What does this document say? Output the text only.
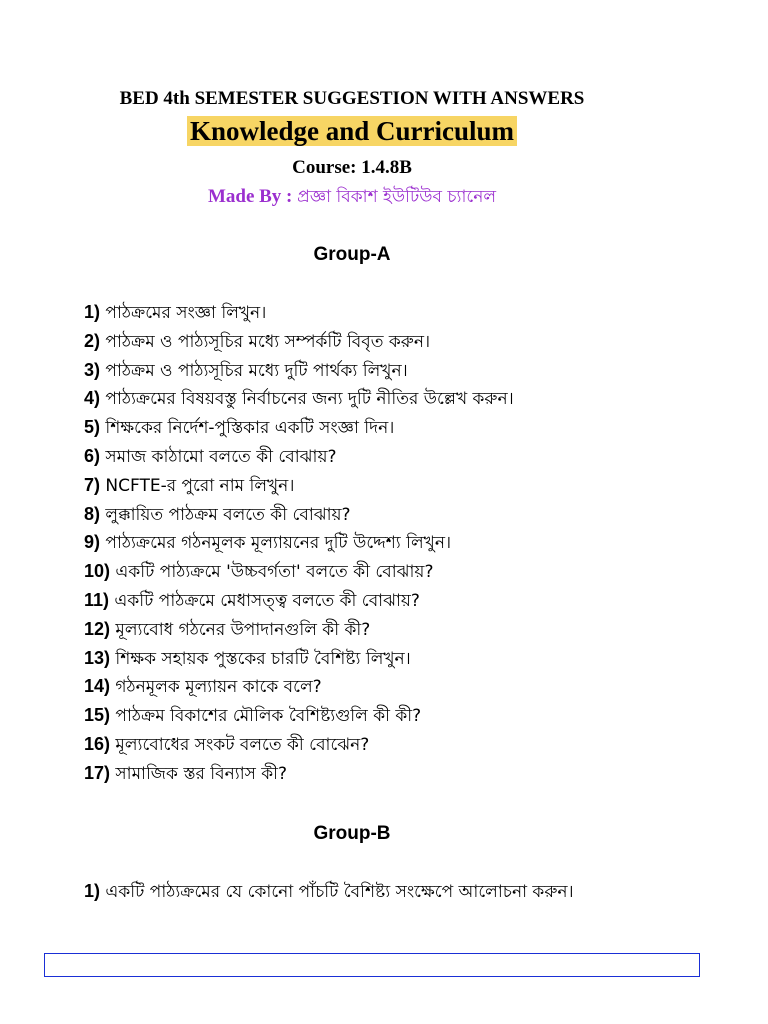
BED 4th SEMESTER SUGGESTION WITH ANSWERS
Knowledge and Curriculum
Course: 1.4.8B
Made By : প্রজ্ঞা বিকাশ ইউটিউব চ্যানেল
Group-A
1) পাঠক্রমের সংজ্ঞা লিখুন।
2) পাঠক্রম ও পাঠ্যসূচির মধ্যে সম্পর্কটি বিবৃত করুন।
3) পাঠক্রম ও পাঠ্যসূচির মধ্যে দুটি পার্থক্য লিখুন।
4) পাঠ্যক্রমের বিষয়বস্তু নির্বাচনের জন্য দুটি নীতির উল্লেখ করুন।
5) শিক্ষকের নির্দেশ-পুস্তিকার একটি সংজ্ঞা দিন।
6) সমাজ কাঠামো বলতে কী বোঝায়?
7) NCFTE-র পুরো নাম লিখুন।
8) লুক্কায়িত পাঠক্রম বলতে কী বোঝায়?
9) পাঠ্যক্রমের গঠনমূলক মূল্যায়নের দুটি উদ্দেশ্য লিখুন।
10) একটি পাঠ্যক্রমে 'উচ্চবর্গতা' বলতে কী বোঝায়?
11) একটি পাঠক্রমে মেধাসত্ত্ব বলতে কী বোঝায়?
12) মূল্যবোধ গঠনের উপাদানগুলি কী কী?
13) শিক্ষক সহায়ক পুস্তকের চারটি বৈশিষ্ট্য লিখুন।
14) গঠনমূলক মূল্যায়ন কাকে বলে?
15) পাঠক্রম বিকাশের মৌলিক বৈশিষ্ট্যগুলি কী কী?
16) মূল্যবোধের সংকট বলতে কী বোঝেন?
17) সামাজিক স্তর বিন্যাস কী?
Group-B
1) একটি পাঠ্যক্রমের যে কোনো পাঁচটি বৈশিষ্ট্য সংক্ষেপে আলোচনা করুন।
